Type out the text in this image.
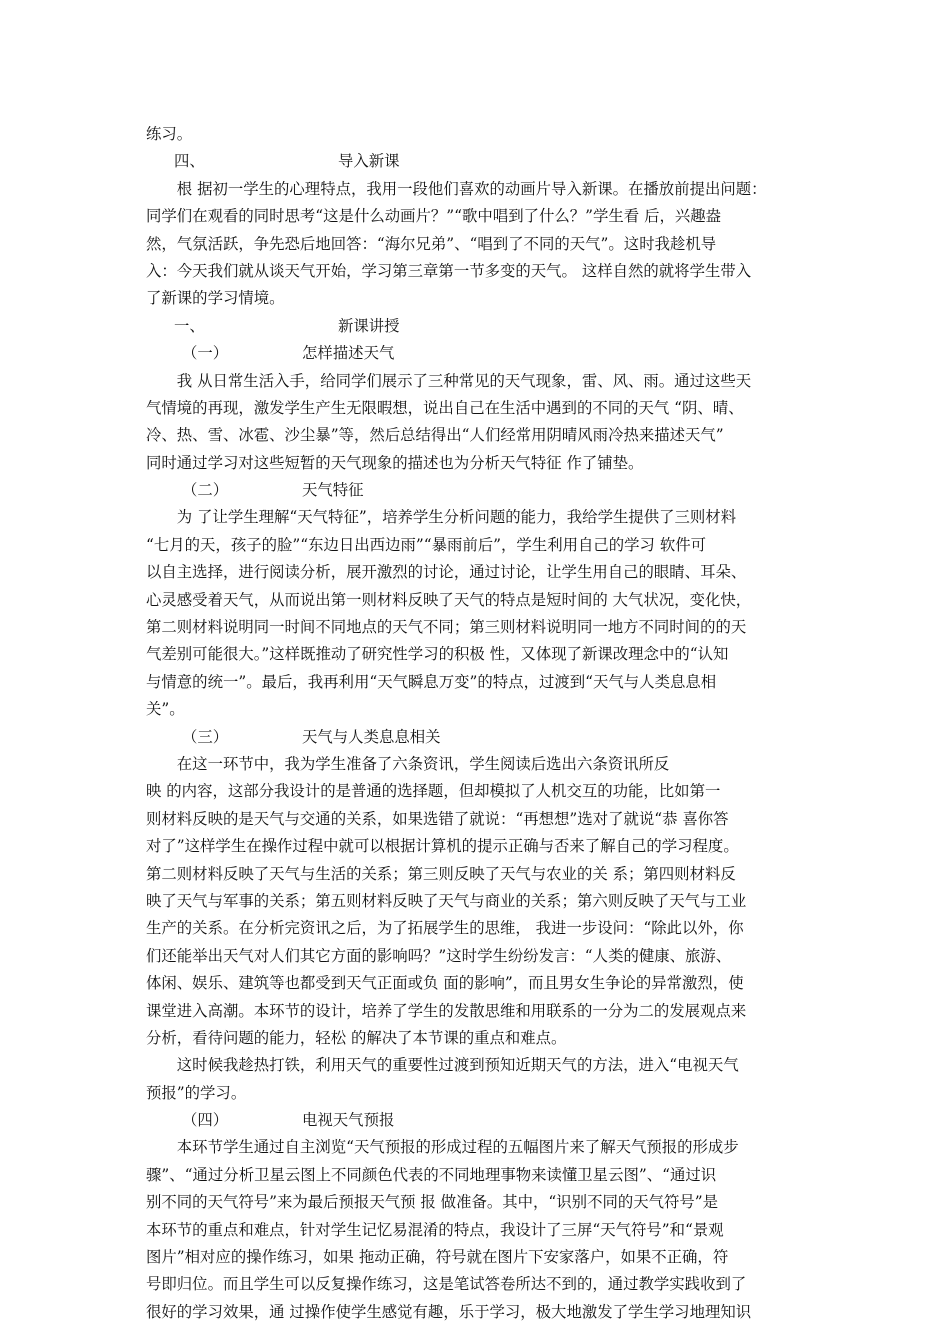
练习。
四、	导入新课
　　根 据初一学生的心理特点，我用一段他们喜欢的动画片导入新课。在播放前提出问题：
同学们在观看的同时思考“这是什么动画片？”“歌中唱到了什么？”学生看 后，兴趣盎
然，气氛活跃，争先恐后地回答：“海尔兄弟”、“唱到了不同的天气”。这时我趁机导
入：今天我们就从谈天气开始，学习第三章第一节多变的天气。 这样自然的就将学生带入
了新课的学习情境。
一、	新课讲授
（一）	怎样描述天气
　　我 从日常生活入手，给同学们展示了三种常见的天气现象，雷、风、雨。通过这些天
气情境的再现，激发学生产生无限暇想，说出自己在生活中遇到的不同的天气 “阴、晴、
冷、热、雪、冰雹、沙尘暴”等，然后总结得出“人们经常用阴晴风雨冷热来描述天气”
同时通过学习对这些短暂的天气现象的描述也为分析天气特征 作了铺垫。
（二）	天气特征
　　为 了让学生理解“天气特征”，培养学生分析问题的能力，我给学生提供了三则材料
“七月的天，孩子的脸”“东边日出西边雨”“暴雨前后”，学生利用自己的学习 软件可
以自主选择，进行阅读分析，展开激烈的讨论，通过讨论，让学生用自己的眼睛、耳朵、
心灵感受着天气，从而说出第一则材料反映了天气的特点是短时间的 大气状况，变化快，
第二则材料说明同一时间不同地点的天气不同；第三则材料说明同一地方不同时间的的天
气差别可能很大。”这样既推动了研究性学习的积极 性，又体现了新课改理念中的“认知
与情意的统一”。最后，我再利用“天气瞬息万变”的特点，过渡到“天气与人类息息相
关”。
（三）	天气与人类息息相关
　　在这一环节中，我为学生准备了六条资讯，学生阅读后选出六条资讯所反
映 的内容，这部分我设计的是普通的选择题，但却模拟了人机交互的功能，比如第一
则材料反映的是天气与交通的关系，如果选错了就说：“再想想”选对了就说“恭 喜你答
对了”这样学生在操作过程中就可以根据计算机的提示正确与否来了解自己的学习程度。
第二则材料反映了天气与生活的关系；第三则反映了天气与农业的关 系；第四则材料反
映了天气与军事的关系；第五则材料反映了天气与商业的关系；第六则反映了天气与工业
生产的关系。在分析完资讯之后，为了拓展学生的思维， 我进一步设问：“除此以外，你
们还能举出天气对人们其它方面的影响吗？”这时学生纷纷发言：“人类的健康、旅游、
体闲、娱乐、建筑等也都受到天气正面或负 面的影响”，而且男女生争论的异常激烈，使
课堂进入高潮。本环节的设计，培养了学生的发散思维和用联系的一分为二的发展观点来
分析，看待问题的能力，轻松 的解决了本节课的重点和难点。
　　这时候我趁热打铁，利用天气的重要性过渡到预知近期天气的方法，进入“电视天气
预报”的学习。
（四）	电视天气预报
　　本环节学生通过自主浏览“天气预报的形成过程的五幅图片来了解天气预报的形成步
骤”、“通过分析卫星云图上不同颜色代表的不同地理事物来读懂卫星云图”、“通过识
别不同的天气符号”来为最后预报天气预 报 做准备。其中，“识别不同的天气符号”是
本环节的重点和难点，针对学生记忆易混淆的特点，我设计了三屏“天气符号”和“景观
图片”相对应的操作练习，如果 拖动正确，符号就在图片下安家落户，如果不正确，符
号即归位。而且学生可以反复操作练习，这是笔试答卷所达不到的，通过教学实践收到了
很好的学习效果，通 过操作使学生感觉有趣，乐于学习，极大地激发了学生学习地理知识
